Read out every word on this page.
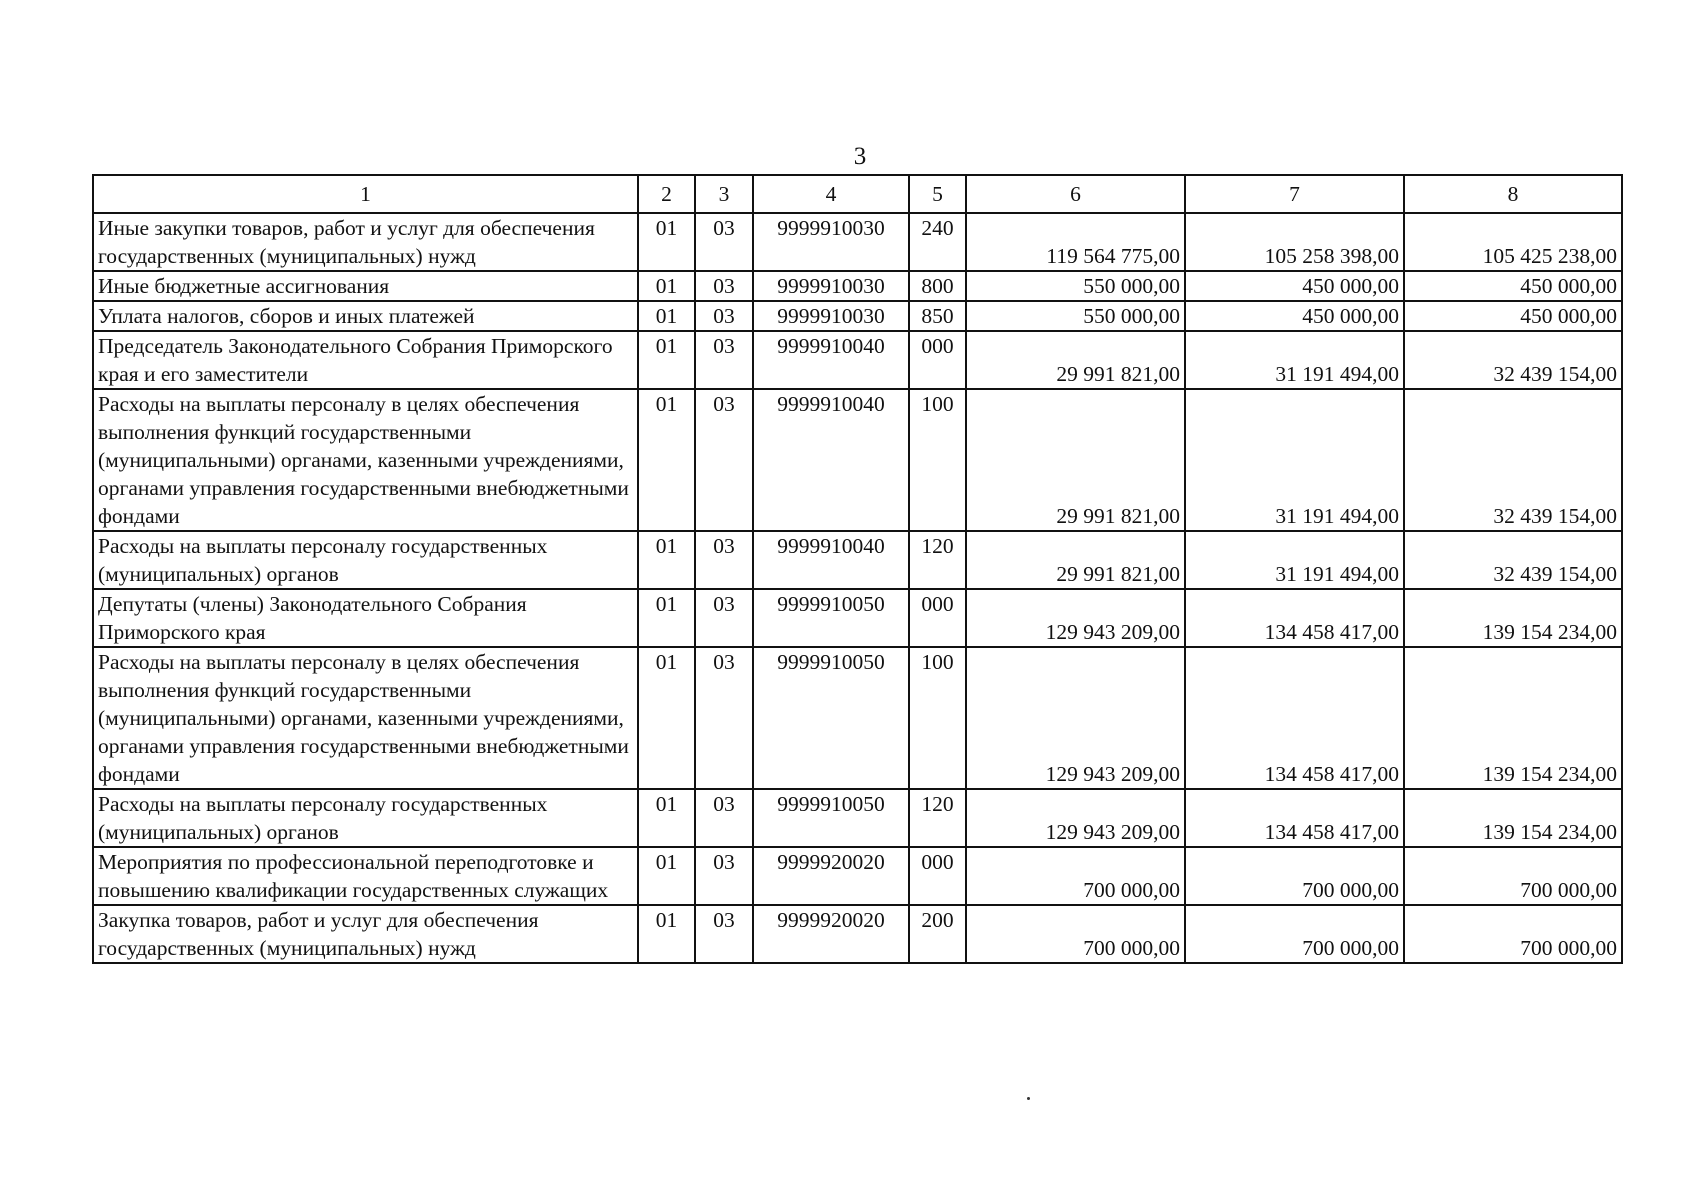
3
1	2	3	4	5	6	7	8
Иные закупки товаров, работ и услуг для обеспечения государственных (муниципальных) нужд	01	03	9999910030	240	119 564 775,00	105 258 398,00	105 425 238,00
Иные бюджетные ассигнования	01	03	9999910030	800	550 000,00	450 000,00	450 000,00
Уплата налогов, сборов и иных платежей	01	03	9999910030	850	550 000,00	450 000,00	450 000,00
Председатель Законодательного Собрания Приморского края и его заместители	01	03	9999910040	000	29 991 821,00	31 191 494,00	32 439 154,00
Расходы на выплаты персоналу в целях обеспечения выполнения функций государственными (муниципальными) органами, казенными учреждениями, органами управления государственными внебюджетными фондами	01	03	9999910040	100	29 991 821,00	31 191 494,00	32 439 154,00
Расходы на выплаты персоналу государственных (муниципальных) органов	01	03	9999910040	120	29 991 821,00	31 191 494,00	32 439 154,00
Депутаты (члены) Законодательного Собрания Приморского края	01	03	9999910050	000	129 943 209,00	134 458 417,00	139 154 234,00
Расходы на выплаты персоналу в целях обеспечения выполнения функций государственными (муниципальными) органами, казенными учреждениями, органами управления государственными внебюджетными фондами	01	03	9999910050	100	129 943 209,00	134 458 417,00	139 154 234,00
Расходы на выплаты персоналу государственных (муниципальных) органов	01	03	9999910050	120	129 943 209,00	134 458 417,00	139 154 234,00
Мероприятия по профессиональной переподготовке и повышению квалификации государственных служащих	01	03	9999920020	000	700 000,00	700 000,00	700 000,00
Закупка товаров, работ и услуг для обеспечения государственных (муниципальных) нужд	01	03	9999920020	200	700 000,00	700 000,00	700 000,00
